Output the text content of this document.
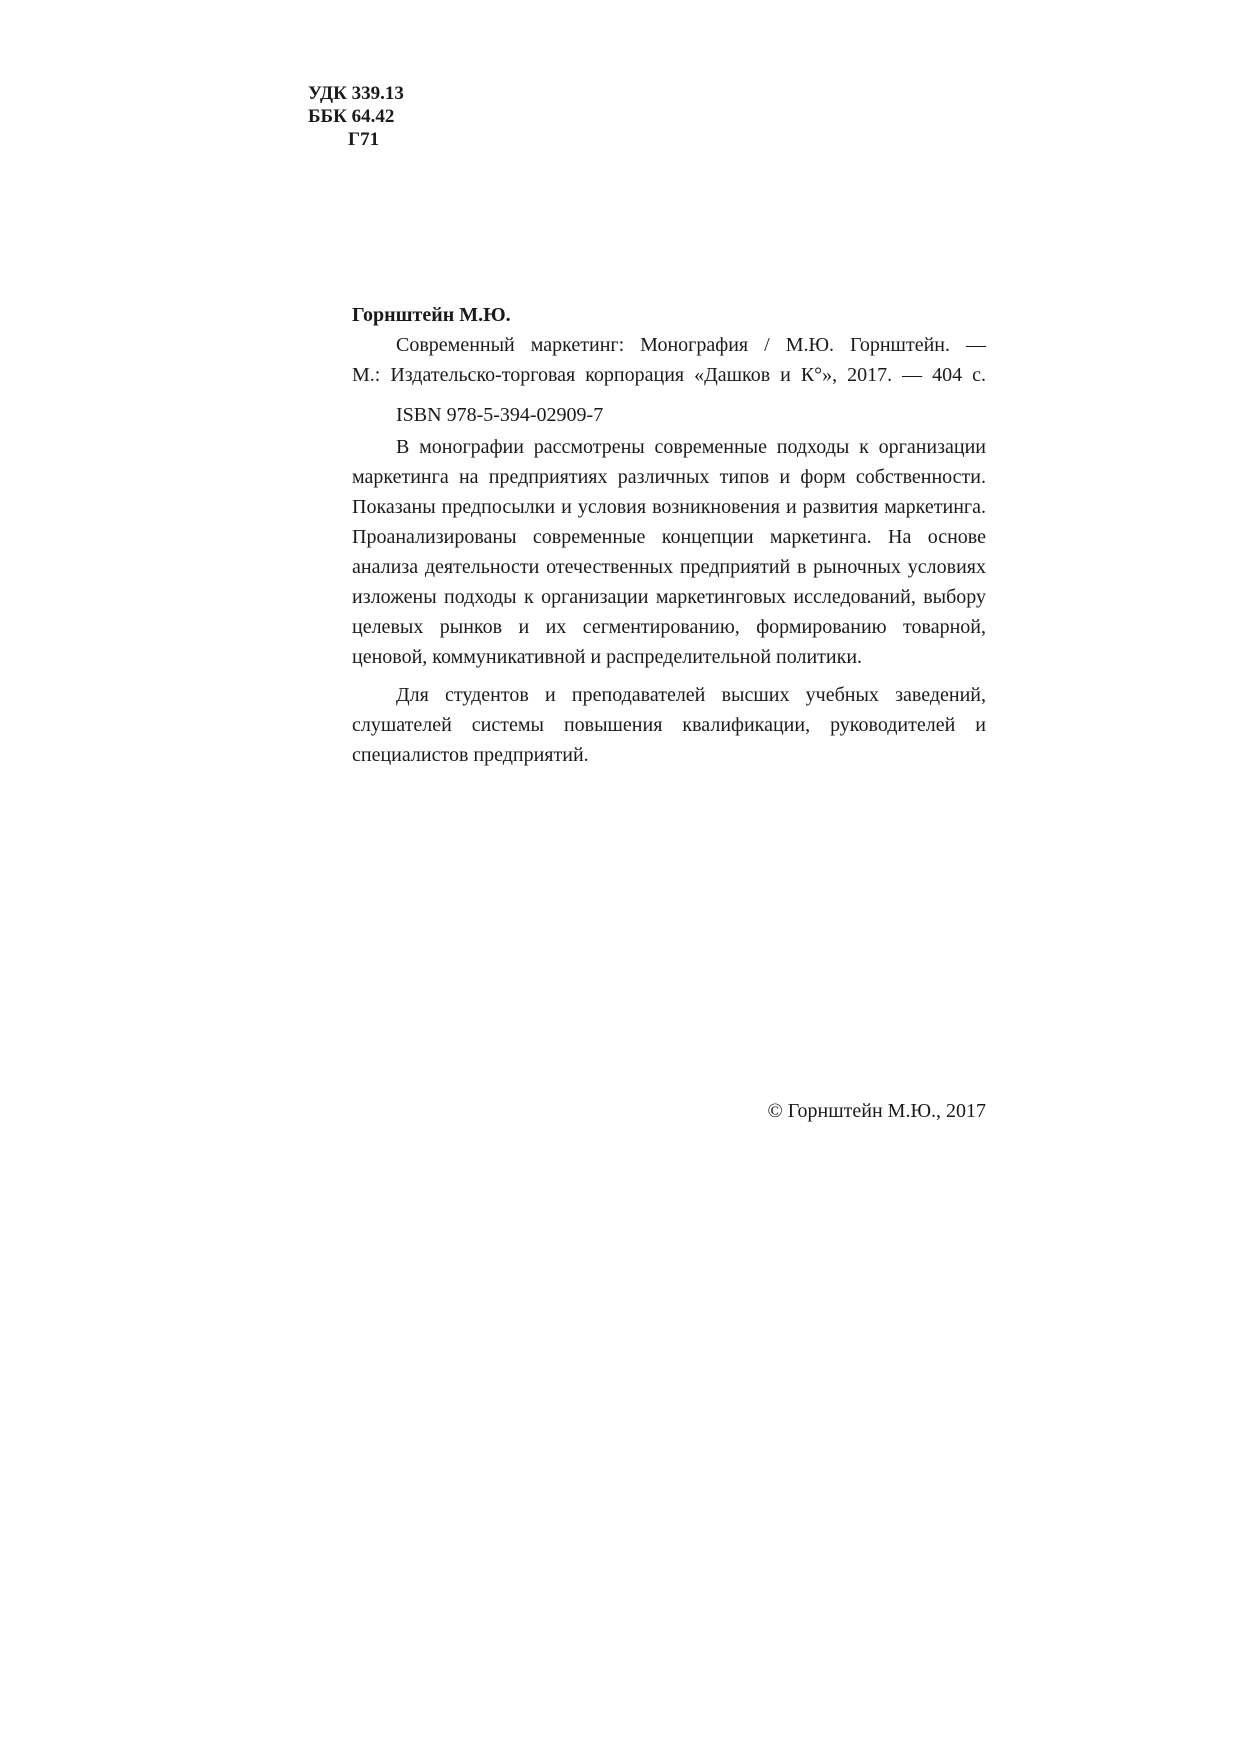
УДК 339.13
ББК 64.42
Г71
Горнштейн М.Ю.
Современный маркетинг: Монография / М.Ю. Горнштейн. —
М.: Издательско-торговая корпорация «Дашков и К°», 2017. — 404 с.
ISBN 978-5-394-02909-7

В монографии рассмотрены современные подходы к организации маркетинга на предприятиях различных типов и форм собственности. Показаны предпосылки и условия возникновения и развития маркетинга. Проанализированы современные концепции маркетинга. На основе анализа деятельности отечественных предприятий в рыночных условиях изложены подходы к организации маркетинговых исследований, выбору целевых рынков и их сегментированию, формированию товарной, ценовой, коммуникативной и распределительной политики.

Для студентов и преподавателей высших учебных заведений, слушателей системы повышения квалификации, руководителей и специалистов предприятий.

© Горнштейн М.Ю., 2017
